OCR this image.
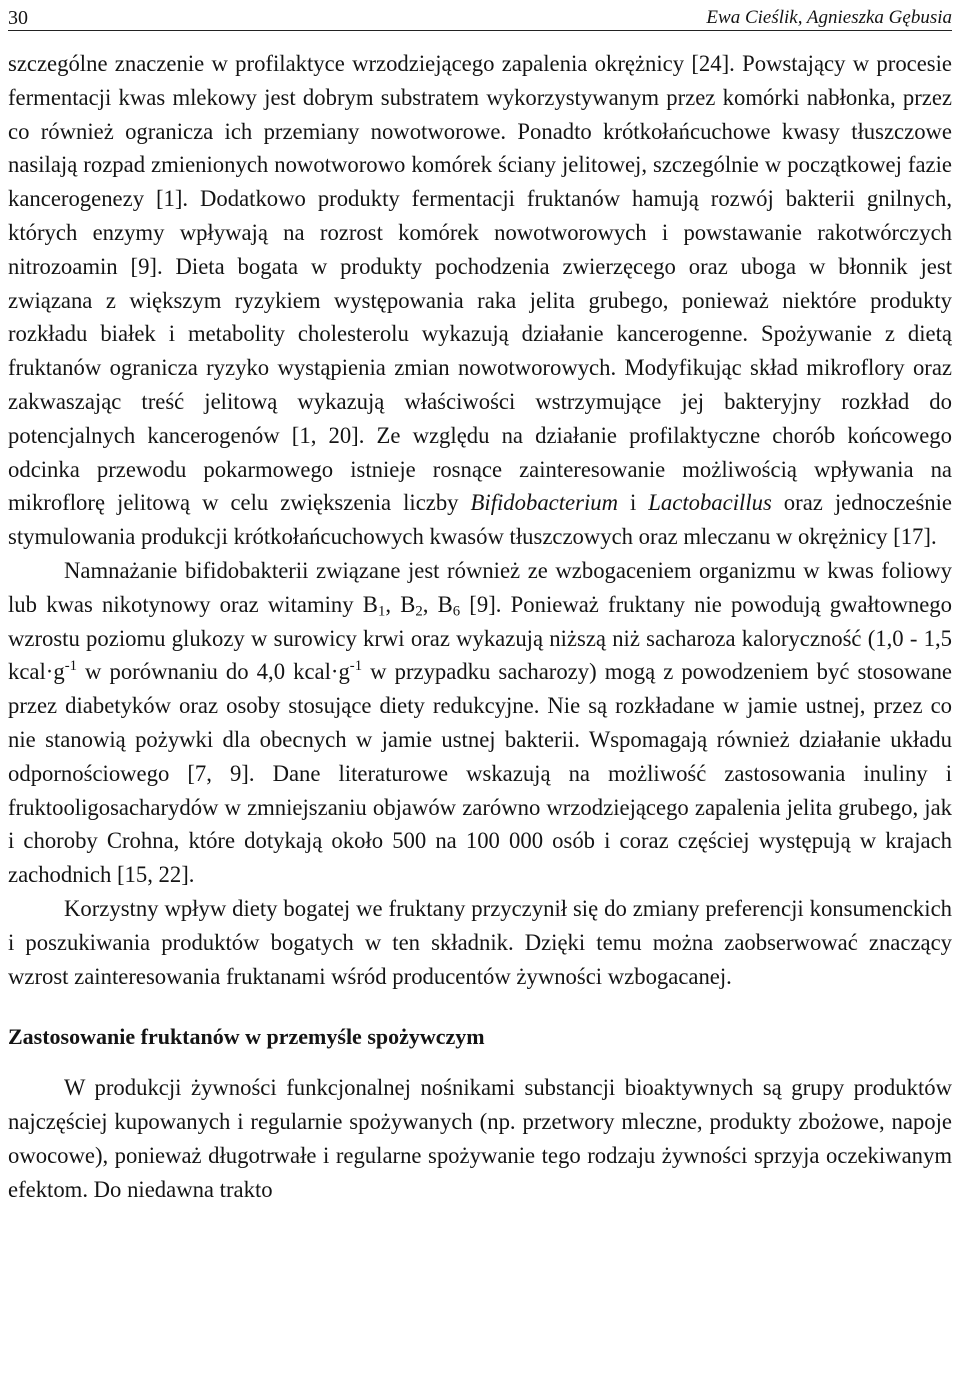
30	Ewa Cieślik, Agnieszka Gębusia

szczególne znaczenie w profilaktyce wrzodziejącego zapalenia okrężnicy [24]. Powstający w procesie fermentacji kwas mlekowy jest dobrym substratem wykorzystywanym przez komórki nabłonka, przez co również ogranicza ich przemiany nowotworowe. Ponadto krótkołańcuchowe kwasy tłuszczowe nasilają rozpad zmienionych nowotworowo komórek ściany jelitowej, szczególnie w początkowej fazie kancerogenezy [1]. Dodatkowo produkty fermentacji fruktanów hamują rozwój bakterii gnilnych, których enzymy wpływają na rozrost komórek nowotworowych i powstawanie rakotwórczych nitrozoamin [9]. Dieta bogata w produkty pochodzenia zwierzęcego oraz uboga w błonnik jest związana z większym ryzykiem występowania raka jelita grubego, ponieważ niektóre produkty rozkładu białek i metabolity cholesterolu wykazują działanie kancerogenne. Spożywanie z dietą fruktanów ogranicza ryzyko wystąpienia zmian nowotworowych. Modyfikując skład mikroflory oraz zakwaszając treść jelitową wykazują właściwości wstrzymujące jej bakteryjny rozkład do potencjalnych kancerogenów [1, 20]. Ze względu na działanie profilaktyczne chorób końcowego odcinka przewodu pokarmowego istnieje rosnące zainteresowanie możliwością wpływania na mikroflorę jelitową w celu zwiększenia liczby Bifidobacterium i Lactobacillus oraz jednocześnie stymulowania produkcji krótkołańcuchowych kwasów tłuszczowych oraz mleczanu w okrężnicy [17].

Namnażanie bifidobakterii związane jest również ze wzbogaceniem organizmu w kwas foliowy lub kwas nikotynowy oraz witaminy $B_1$, $B_2$, $B_6$ [9]. Ponieważ fruktany nie powodują gwałtownego wzrostu poziomu glukozy w surowicy krwi oraz wykazują niższą niż sacharoza kaloryczność (1,0 - 1,5 $kcal\cdot g^{-1}$ w porównaniu do 4,0 $kcal\cdot g^{-1}$ w przypadku sacharozy) mogą z powodzeniem być stosowane przez diabetyków oraz osoby stosujące diety redukcyjne. Nie są rozkładane w jamie ustnej, przez co nie stanowią pożywki dla obecnych w jamie ustnej bakterii. Wspomagają również działanie układu odpornościowego [7, 9]. Dane literaturowe wskazują na możliwość zastosowania inuliny i fruktooligosacharydów w zmniejszaniu objawów zarówno wrzodziejącego zapalenia jelita grubego, jak i choroby Crohna, które dotykają około 500 na 100 000 osób i coraz częściej występują w krajach zachodnich [15, 22].

Korzystny wpływ diety bogatej we fruktany przyczynił się do zmiany preferencji konsumenckich i poszukiwania produktów bogatych w ten składnik. Dzięki temu można zaobserwować znaczący wzrost zainteresowania fruktanami wśród producentów żywności wzbogacanej.

Zastosowanie fruktanów w przemyśle spożywczym

W produkcji żywności funkcjonalnej nośnikami substancji bioaktywnych są grupy produktów najczęściej kupowanych i regularnie spożywanych (np. przetwory mleczne, produkty zbożowe, napoje owocowe), ponieważ długotrwałe i regularne spożywanie tego rodzaju żywności sprzyja oczekiwanym efektom. Do niedawna trakto
